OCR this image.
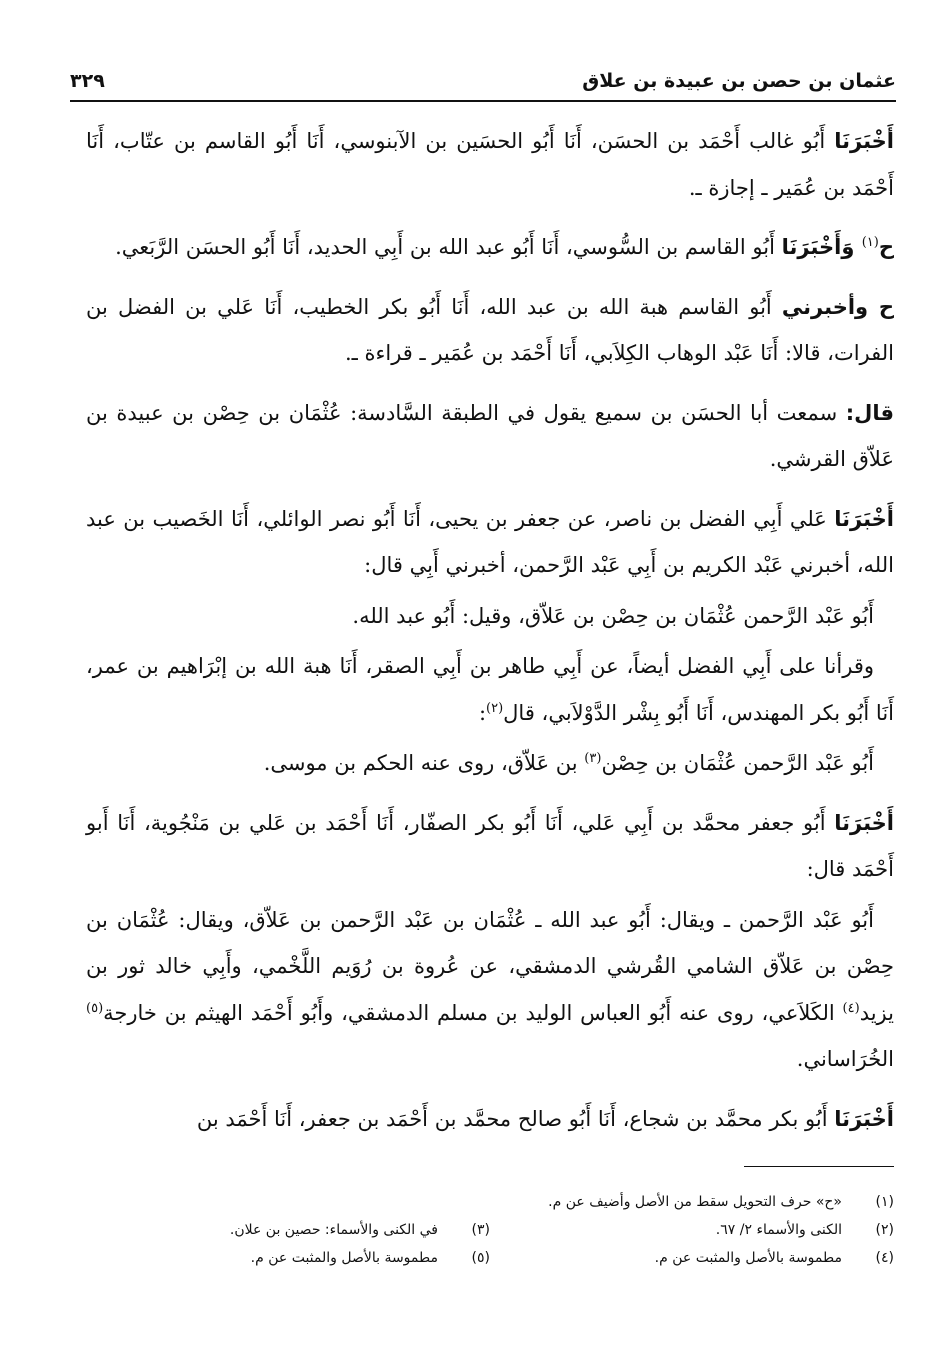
عثمان بن حصن بن عبيدة بن علاق
٣٢٩

أَخْبَرَنَا أَبُو غالب أَحْمَد بن الحسَن، أَنَا أَبُو الحسَين بن الآبنوسي، أَنَا أَبُو القاسم بن عتّاب، أَنَا أَحْمَد بن عُمَير ـ إجازة ـ.

ح$^{(١)}$ وَأَخْبَرَنَا أَبُو القاسم بن السُّوسي، أَنَا أَبُو عبد الله بن أَبِي الحديد، أَنَا أَبُو الحسَن الرَّبَعي.

ح وأخبرني أَبُو القاسم هبة الله بن عبد الله، أَنَا أَبُو بكر الخطيب، أَنَا عَلي بن الفضل بن الفرات، قالا: أَنَا عَبْد الوهاب الكِلاَبي، أَنَا أَحْمَد بن عُمَير ـ قراءة ـ.

قال: سمعت أبا الحسَن بن سميع يقول في الطبقة السَّادسة: عُثْمَان بن حِصْن بن عبيدة بن عَلاّق القرشي.

أَخْبَرَنَا عَلي أَبِي الفضل بن ناصر، عن جعفر بن يحيى، أَنَا أَبُو نصر الوائلي، أَنَا الخَصيب بن عبد الله، أخبرني عَبْد الكريم بن أَبِي عَبْد الرَّحمن، أخبرني أَبِي قال:

أَبُو عَبْد الرَّحمن عُثْمَان بن حِصْن بن عَلاّق، وقيل: أَبُو عبد الله.

وقرأنا على أَبِي الفضل أيضاً، عن أَبِي طاهر بن أَبِي الصقر، أَنَا هبة الله بن إبْرَاهيم بن عمر، أَنَا أَبُو بكر المهندس، أَنَا أَبُو بِشْر الدَّوْلاَبي، قال$^{(٢)}$:

أَبُو عَبْد الرَّحمن عُثْمَان بن حِصْن$^{(٣)}$ بن عَلاّق، روى عنه الحكم بن موسى.

أَخْبَرَنَا أَبُو جعفر محمَّد بن أَبِي عَلي، أَنَا أَبُو بكر الصفّار، أَنَا أَحْمَد بن عَلي بن مَنْجُوية، أَنَا أَبو أَحْمَد قال:

أَبُو عَبْد الرَّحمن ـ ويقال: أَبُو عبد الله ـ عُثْمَان بن عَبْد الرَّحمن بن عَلاّق، ويقال: عُثْمَان بن حِصْن بن عَلاّق الشامي القُرشي الدمشقي، عن عُروة بن رُوَيم اللَّخْمي، وأَبِي خالد ثور بن يزيد$^{(٤)}$ الكَلاَعي، روى عنه أَبُو العباس الوليد بن مسلم الدمشقي، وأَبُو أَحْمَد الهيثم بن خارجة$^{(٥)}$ الخُرَاساني.

أَخْبَرَنَا أَبُو بكر محمَّد بن شجاع، أَنَا أَبُو صالح محمَّد بن أَحْمَد بن جعفر، أَنَا أَحْمَد بن

(١)
«ح» حرف التحويل سقط من الأصل وأضيف عن م.
(٢)
الكنى والأسماء ٢/ ٦٧.
(٣)
في الكنى والأسماء: حصين بن علان.
(٤)
مطموسة بالأصل والمثبت عن م.
(٥)
مطموسة بالأصل والمثبت عن م.
